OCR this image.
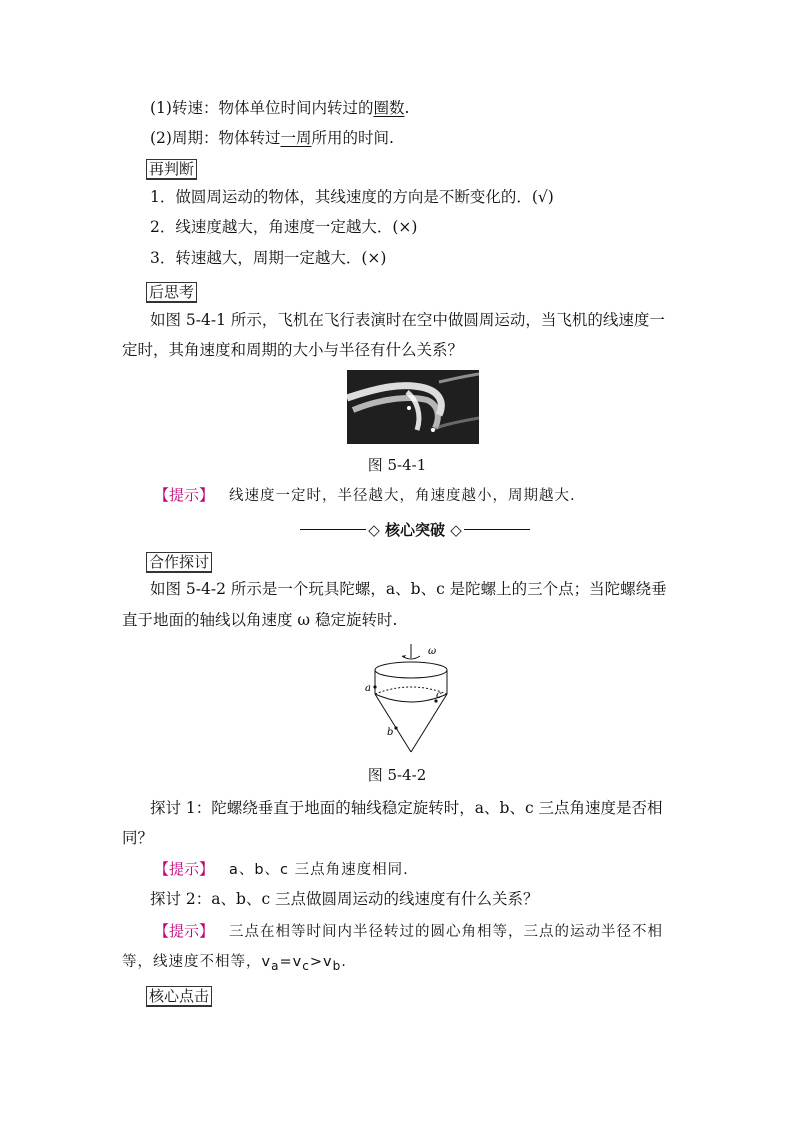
(1)转速：物体单位时间内转过的圈数.
(2)周期：物体转过一周所用的时间.
再判断
1．做圆周运动的物体，其线速度的方向是不断变化的．(√)
2．线速度越大，角速度一定越大．(×)
3．转速越大，周期一定越大．(×)
后思考
如图 5-4-1 所示，飞机在飞行表演时在空中做圆周运动，当飞机的线速度一
定时，其角速度和周期的大小与半径有什么关系？
图 5-4-1
【提示】 线速度一定时，半径越大，角速度越小，周期越大.
◇ 核心突破 ◇
合作探讨
如图 5-4-2 所示是一个玩具陀螺，a、b、c 是陀螺上的三个点；当陀螺绕垂
直于地面的轴线以角速度 ω 稳定旋转时.
ω
a
c
b
图 5-4-2
探讨 1：陀螺绕垂直于地面的轴线稳定旋转时，a、b、c 三点角速度是否相
同？
【提示】 a、b、c 三点角速度相同.
探讨 2：a、b、c 三点做圆周运动的线速度有什么关系？
【提示】 三点在相等时间内半径转过的圆心角相等，三点的运动半径不相
等，线速度不相等，$v_a=v_c>v_b$.
核心点击
